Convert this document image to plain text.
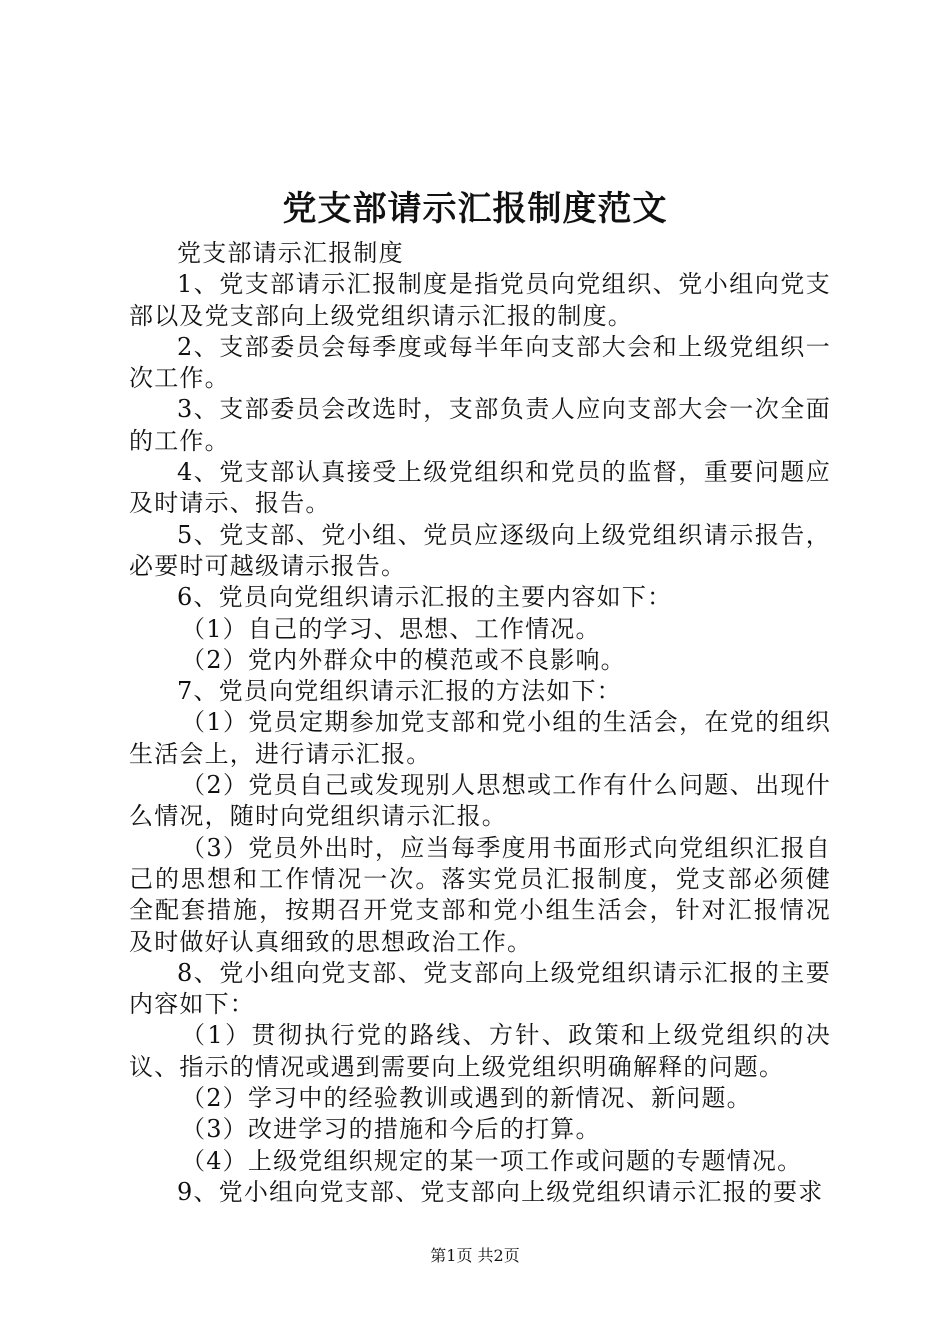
党支部请示汇报制度范文

党支部请示汇报制度

1、党支部请示汇报制度是指党员向党组织、党小组向党支部以及党支部向上级党组织请示汇报的制度。

2、支部委员会每季度或每半年向支部大会和上级党组织一次工作。

3、支部委员会改选时，支部负责人应向支部大会一次全面的工作。

4、党支部认真接受上级党组织和党员的监督，重要问题应及时请示、报告。

5、党支部、党小组、党员应逐级向上级党组织请示报告，必要时可越级请示报告。

6、党员向党组织请示汇报的主要内容如下：

（1）自己的学习、思想、工作情况。

（2）党内外群众中的模范或不良影响。

7、党员向党组织请示汇报的方法如下：

（1）党员定期参加党支部和党小组的生活会，在党的组织生活会上，进行请示汇报。

（2）党员自己或发现别人思想或工作有什么问题、出现什么情况，随时向党组织请示汇报。

（3）党员外出时，应当每季度用书面形式向党组织汇报自己的思想和工作情况一次。落实党员汇报制度，党支部必须健全配套措施，按期召开党支部和党小组生活会，针对汇报情况及时做好认真细致的思想政治工作。

8、党小组向党支部、党支部向上级党组织请示汇报的主要内容如下：

（1）贯彻执行党的路线、方针、政策和上级党组织的决议、指示的情况或遇到需要向上级党组织明确解释的问题。

（2）学习中的经验教训或遇到的新情况、新问题。

（3）改进学习的措施和今后的打算。

（4）上级党组织规定的某一项工作或问题的专题情况。

9、党小组向党支部、党支部向上级党组织请示汇报的要求

第1页 共2页
